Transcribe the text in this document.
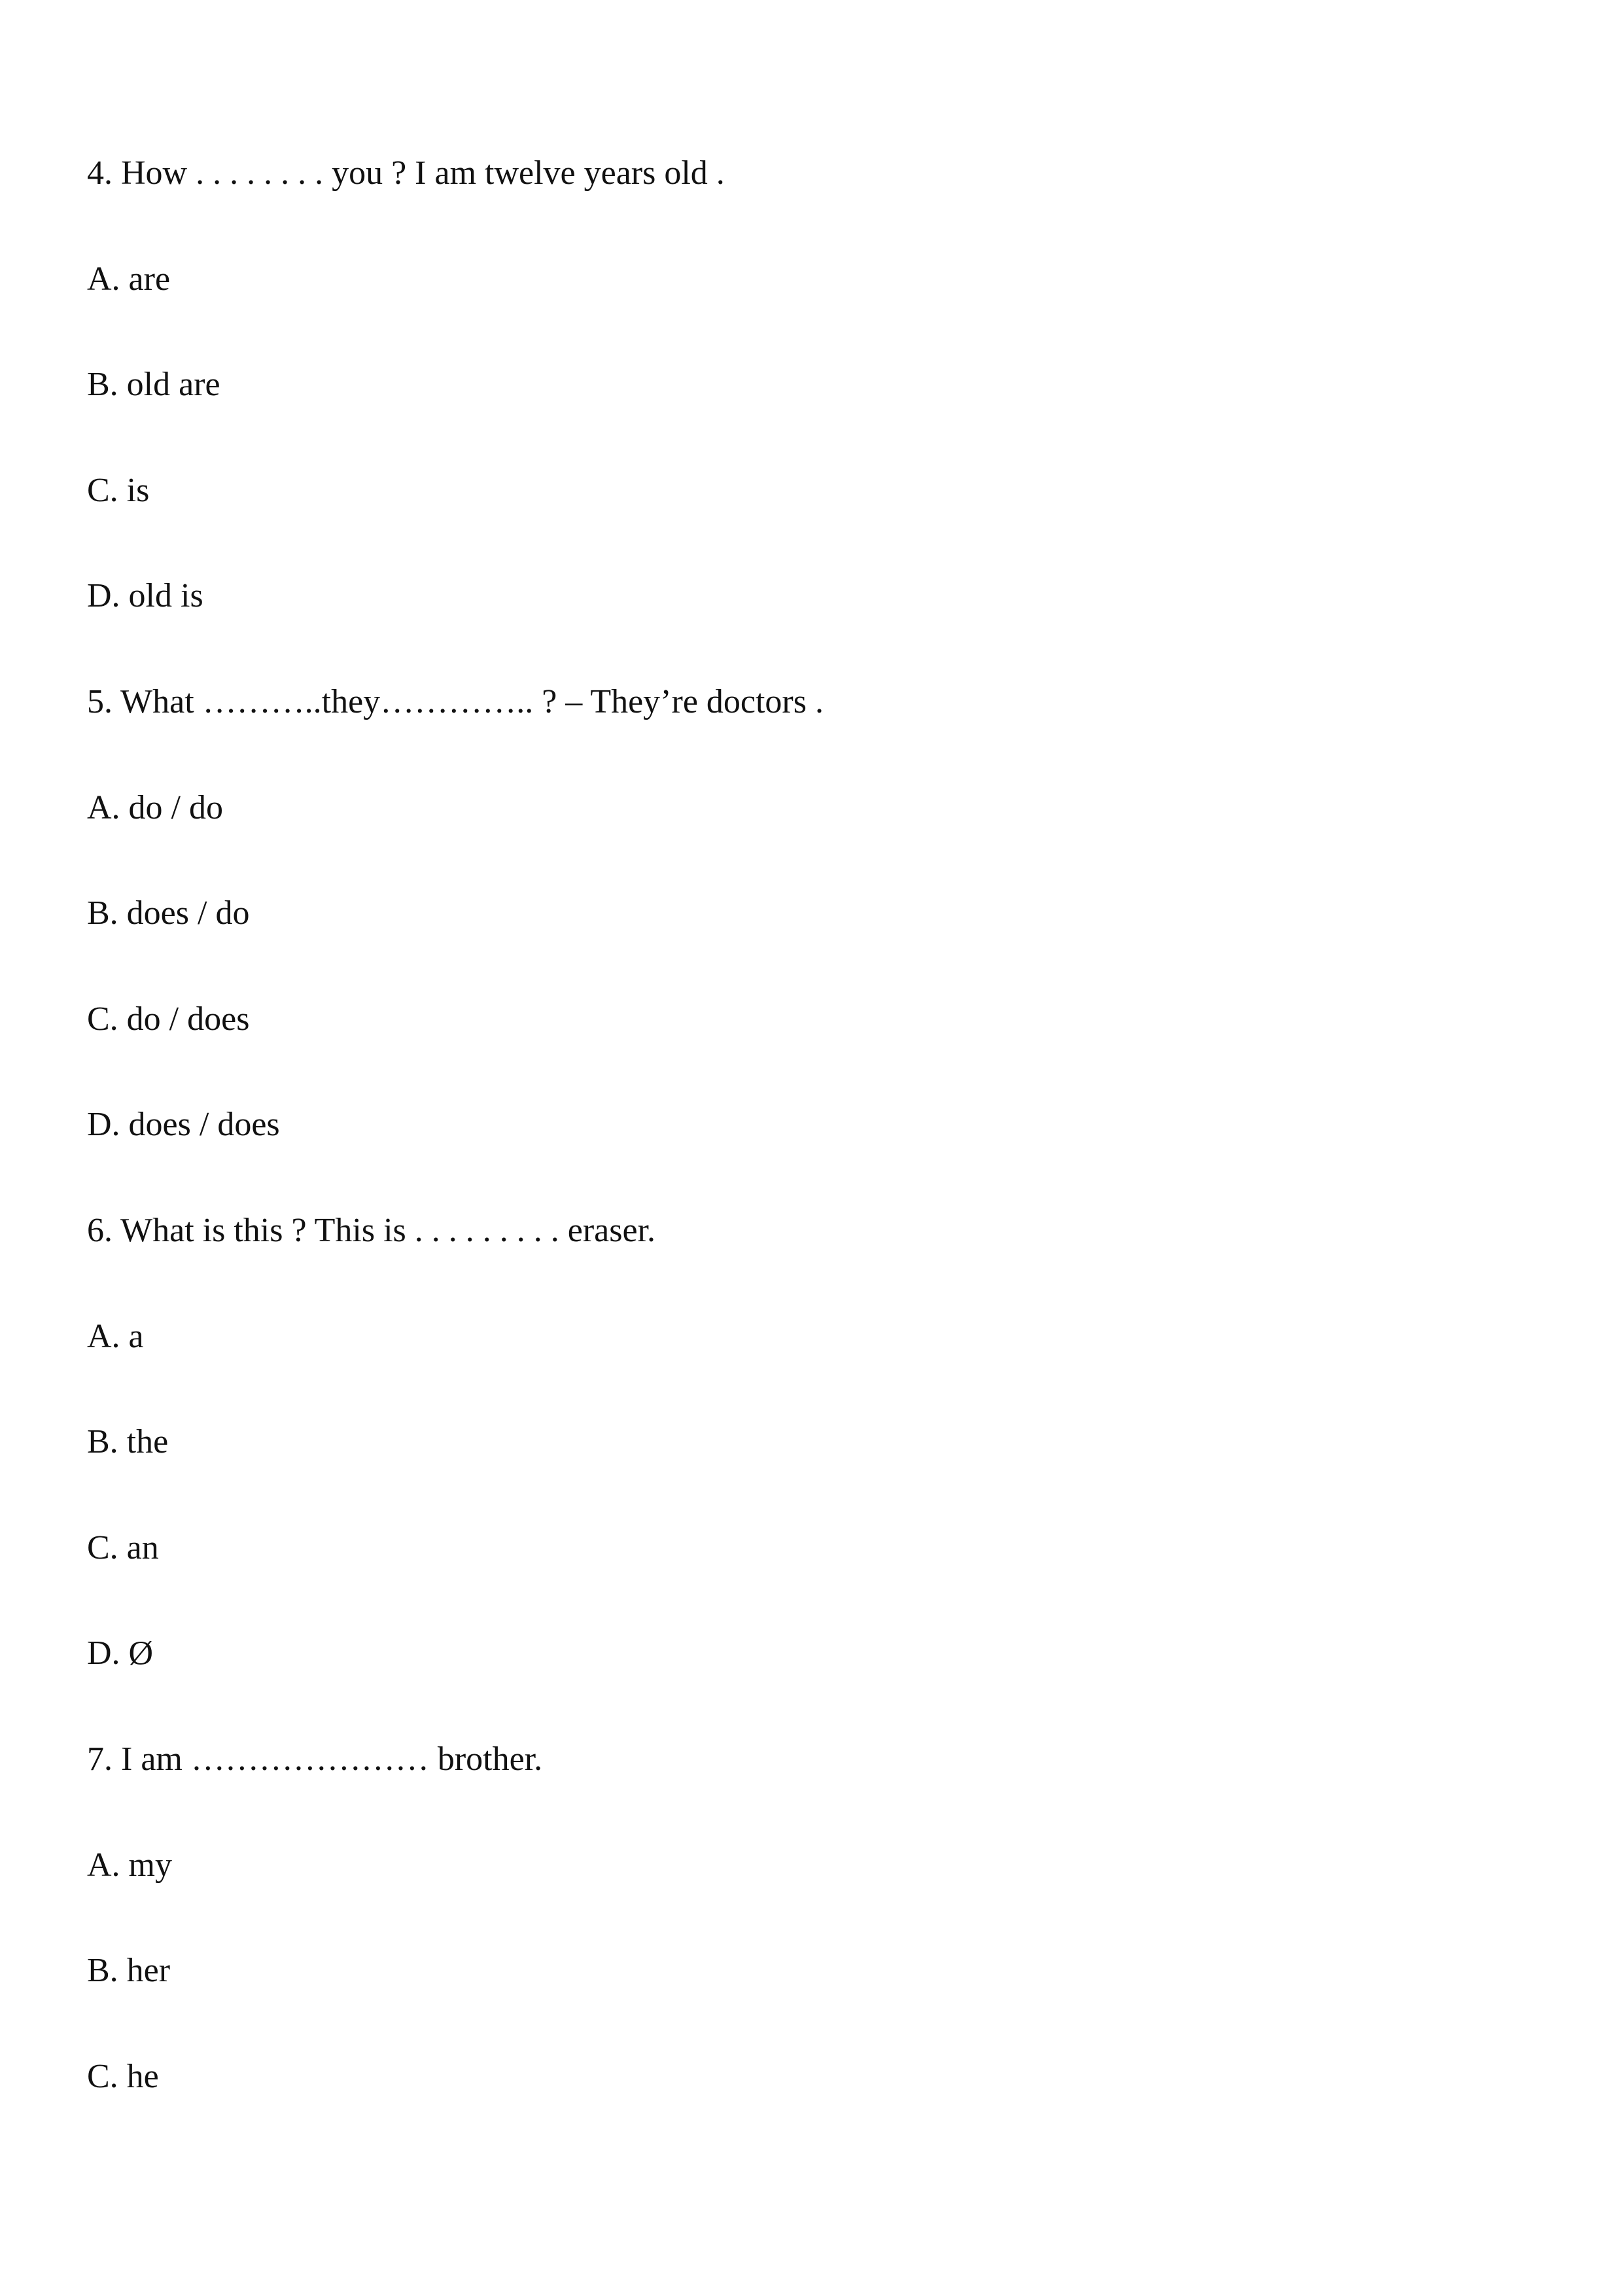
4. How . . . . . . . . you ? I am twelve years old .
A. are
B. old are
C. is
D. old is
5. What ………..they………….. ? – They’re doctors .
A. do / do
B. does / do
C. do / does
D. does / does
6. What is this ? This is . . . . . . . . . eraser.
A. a
B. the
C. an
D. Ø
7. I am ………………… brother.
A. my
B. her
C. he
